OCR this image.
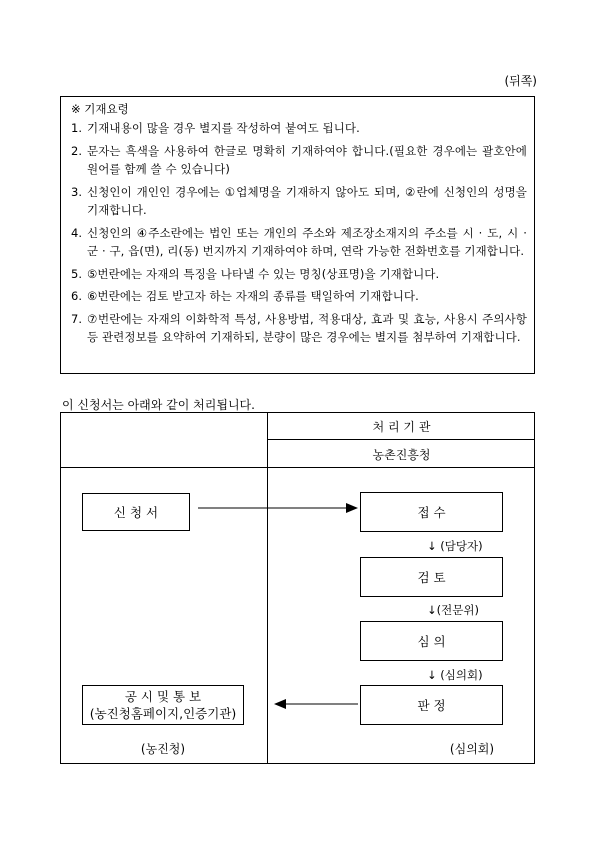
(뒤쪽)
※ 기재요령
1. 기재내용이 많을 경우 별지를 작성하여 붙여도 됩니다.
2. 문자는 흑색을 사용하여 한글로 명확히 기재하여야 합니다.(필요한 경우에는 괄호안에 원어를 함께 쓸 수 있습니다)
3. 신청인이 개인인 경우에는 ①업체명을 기재하지 않아도 되며, ②란에 신청인의 성명을 기재합니다.
4. 신청인의 ④주소란에는 법인 또는 개인의 주소와 제조장소재지의 주소를 시 · 도, 시 · 군 · 구, 읍(면), 리(동) 번지까지 기재하여야 하며, 연락 가능한 전화번호를 기재합니다.
5. ⑤번란에는 자재의 특징을 나타낼 수 있는 명칭(상표명)을 기재합니다.
6. ⑥번란에는 검토 받고자 하는 자재의 종류를 택일하여 기재합니다.
7. ⑦번란에는 자재의 이화학적 특성, 사용방법, 적용대상, 효과 및 효능, 사용시 주의사항 등 관련정보를 요약하여 기재하되, 분량이 많은 경우에는 별지를 첨부하여 기재합니다.
이 신청서는 아래와 같이 처리됩니다.
처 리 기 관
농촌진흥청
신 청 서	접 수
↓ (담당자)
검 토
↓(전문위)
심 의
↓ (심의회)
판 정
공 시 및 통 보
(농진청홈페이지,인증기관)
(농진청)	(심의회)
